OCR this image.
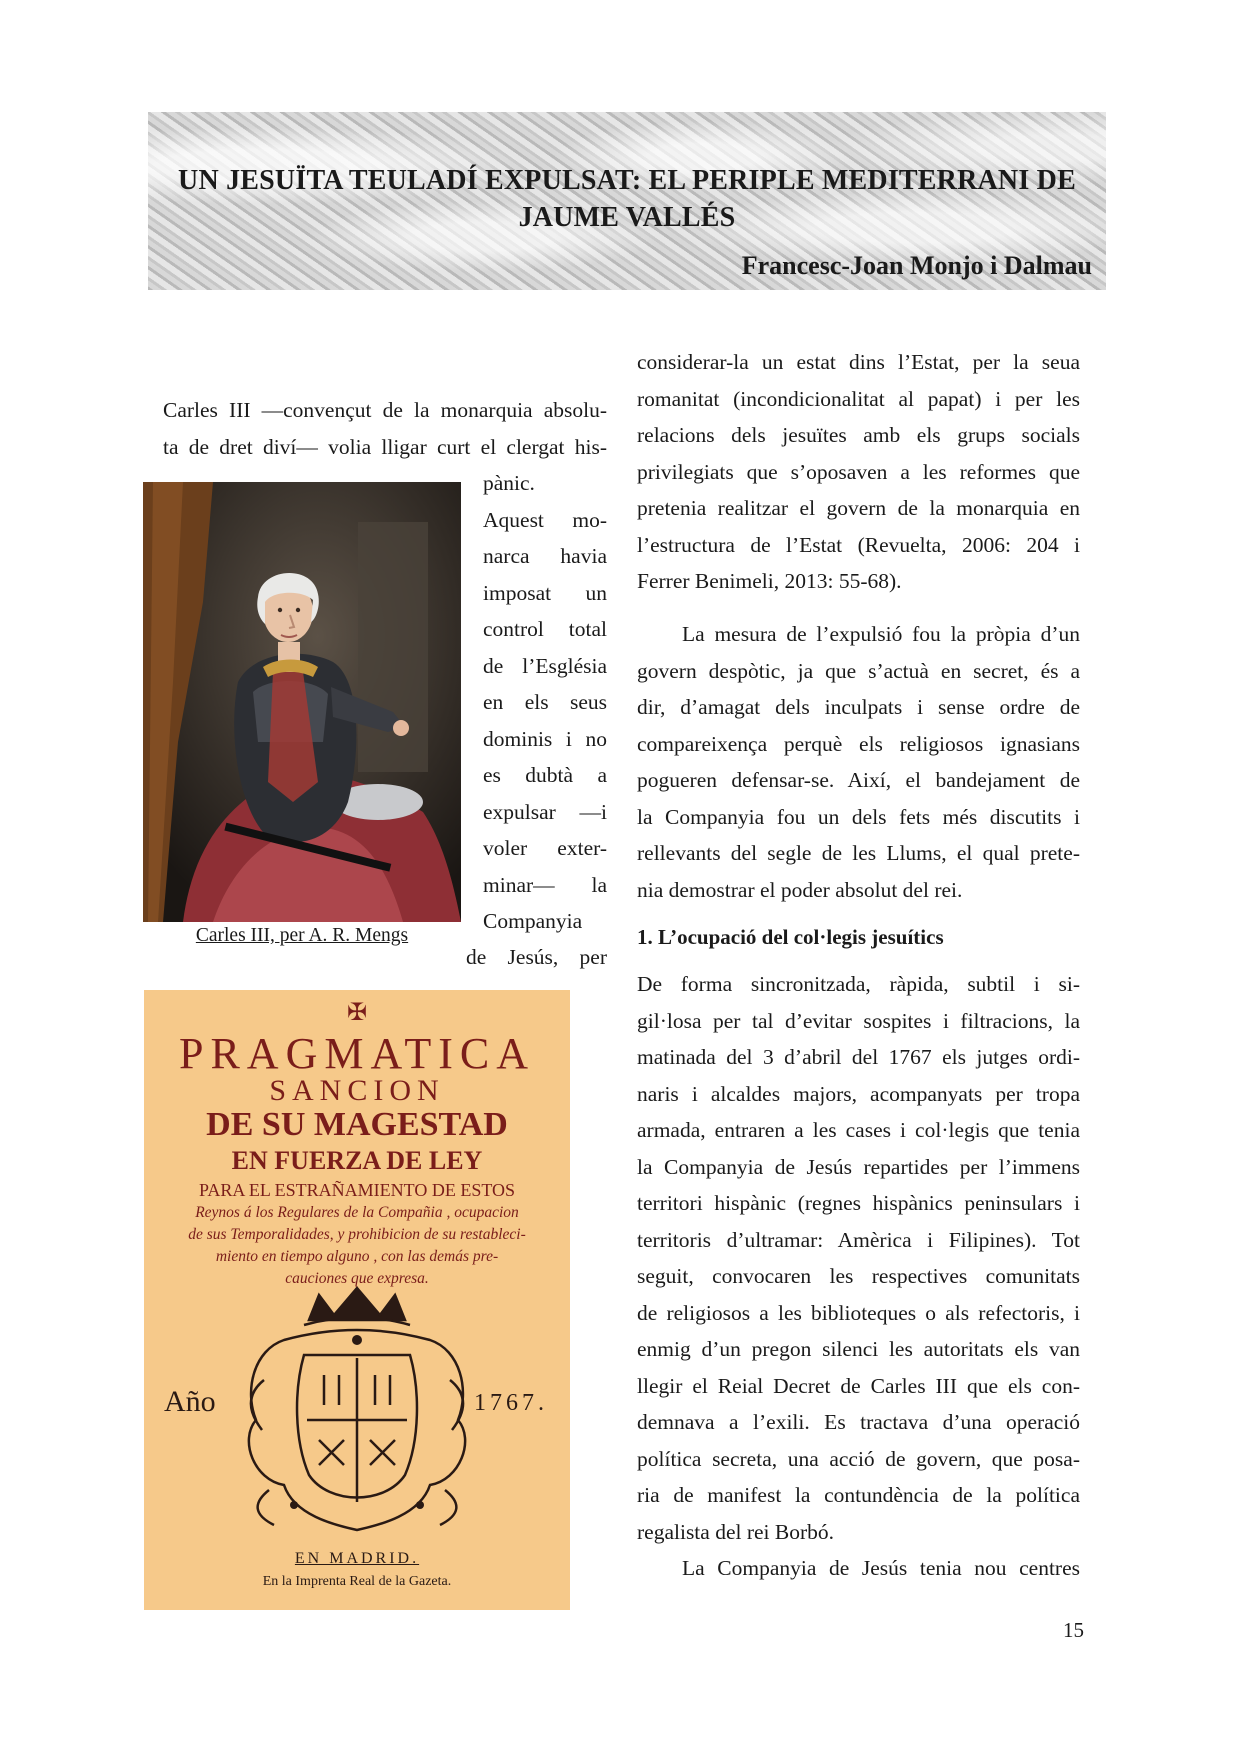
UN JESUÏTA TEULADÍ EXPULSAT: EL PERIPLE MEDITERRANI DE
JAUME VALLÉS
Francesc-Joan Monjo i Dalmau
Carles III —convençut de la monarquia absolu-
ta de dret diví— volia lligar curt el clergat his-
pànic.
Aquest mo-
narca havia
imposat un
control total
de l’Església
en els seus
dominis i no
es dubtà a
expulsar —i
voler exter-
minar— la
Companyia
de Jesús, per
Carles III, per A. R. Mengs
✠
PRAGMATICA
SANCION
DE SU MAGESTAD
EN FUERZA DE LEY
PARA EL ESTRAÑAMIENTO DE ESTOS
Reynos á los Regulares de la Compañia , ocupacion
de sus Temporalidades, y prohibicion de su restableci-
miento en tiempo alguno , con las demás pre-
cauciones que expresa.
Año	1767.
EN MADRID.
En la Imprenta Real de la Gazeta.
considerar-la un estat dins l’Estat, per la seua
romanitat (incondicionalitat al papat) i per les
relacions dels jesuïtes amb els grups socials
privilegiats que s’oposaven a les reformes que
pretenia realitzar el govern de la monarquia en
l’estructura de l’Estat (Revuelta, 2006: 204 i
Ferrer Benimeli, 2013: 55-68).
La mesura de l’expulsió fou la pròpia d’un
govern despòtic, ja que s’actuà en secret, és a
dir, d’amagat dels inculpats i sense ordre de
compareixença perquè els religiosos ignasians
pogueren defensar-se. Així, el bandejament de
la Companyia fou un dels fets més discutits i
rellevants del segle de les Llums, el qual prete-
nia demostrar el poder absolut del rei.
1. L’ocupació del col·legis jesuítics
De forma sincronitzada, ràpida, subtil i si-
gil·losa per tal d’evitar sospites i filtracions, la
matinada del 3 d’abril del 1767 els jutges ordi-
naris i alcaldes majors, acompanyats per tropa
armada, entraren a les cases i col·legis que tenia
la Companyia de Jesús repartides per l’immens
territori hispànic (regnes hispànics peninsulars i
territoris d’ultramar: Amèrica i Filipines). Tot
seguit, convocaren les respectives comunitats
de religiosos a les biblioteques o als refectoris, i
enmig d’un pregon silenci les autoritats els van
llegir el Reial Decret de Carles III que els con-
demnava a l’exili. Es tractava d’una operació
política secreta, una acció de govern, que posa-
ria de manifest la contundència de la política
regalista del rei Borbó.
La Companyia de Jesús tenia nou centres
15
